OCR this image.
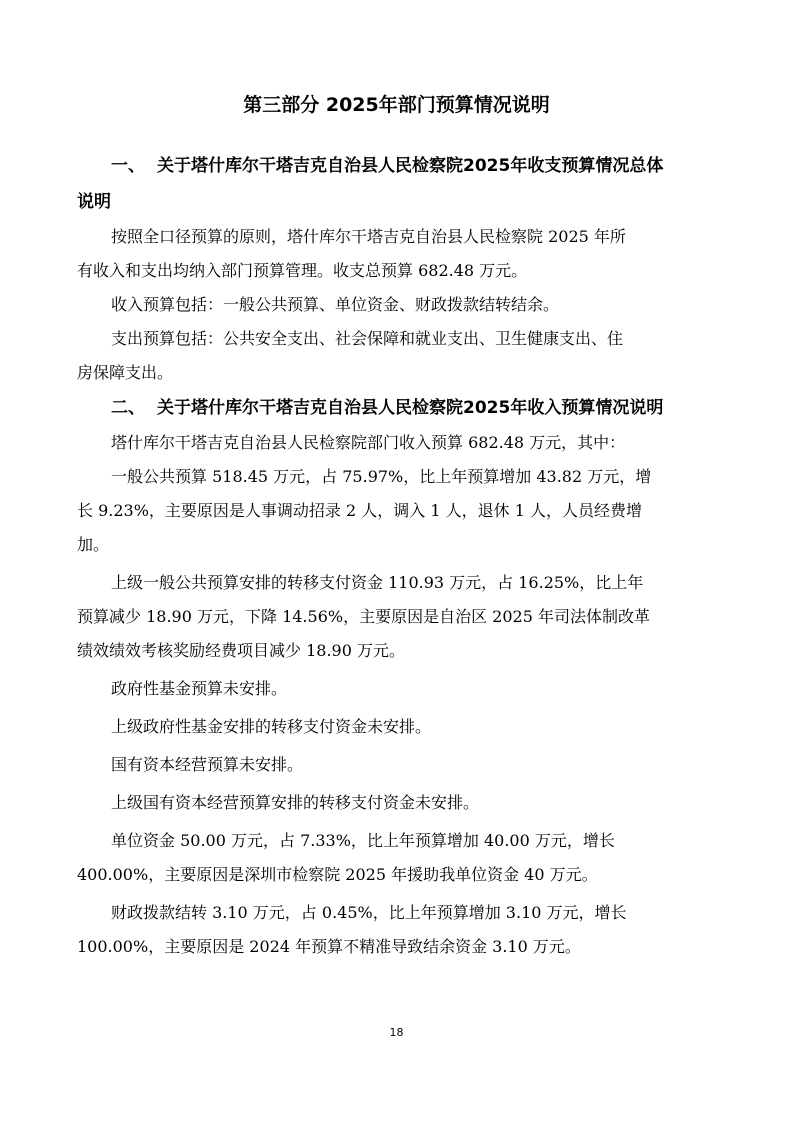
第三部分 2025年部门预算情况说明
一、 关于塔什库尔干塔吉克自治县人民检察院2025年收支预算情况总体
说明
按照全口径预算的原则，塔什库尔干塔吉克自治县人民检察院 2025 年所
有收入和支出均纳入部门预算管理。收支总预算 682.48 万元。
收入预算包括：一般公共预算、单位资金、财政拨款结转结余。
支出预算包括：公共安全支出、社会保障和就业支出、卫生健康支出、住
房保障支出。
二、 关于塔什库尔干塔吉克自治县人民检察院2025年收入预算情况说明
塔什库尔干塔吉克自治县人民检察院部门收入预算 682.48 万元，其中：
一般公共预算 518.45 万元，占 75.97%，比上年预算增加 43.82 万元，增
长 9.23%，主要原因是人事调动招录 2 人，调入 1 人，退休 1 人，人员经费增
加。
上级一般公共预算安排的转移支付资金 110.93 万元，占 16.25%，比上年
预算减少 18.90 万元，下降 14.56%，主要原因是自治区 2025 年司法体制改革
绩效绩效考核奖励经费项目减少 18.90 万元。
政府性基金预算未安排。
上级政府性基金安排的转移支付资金未安排。
国有资本经营预算未安排。
上级国有资本经营预算安排的转移支付资金未安排。
单位资金 50.00 万元，占 7.33%，比上年预算增加 40.00 万元，增长
400.00%，主要原因是深圳市检察院 2025 年援助我单位资金 40 万元。
财政拨款结转 3.10 万元，占 0.45%，比上年预算增加 3.10 万元，增长
100.00%，主要原因是 2024 年预算不精准导致结余资金 3.10 万元。
18
